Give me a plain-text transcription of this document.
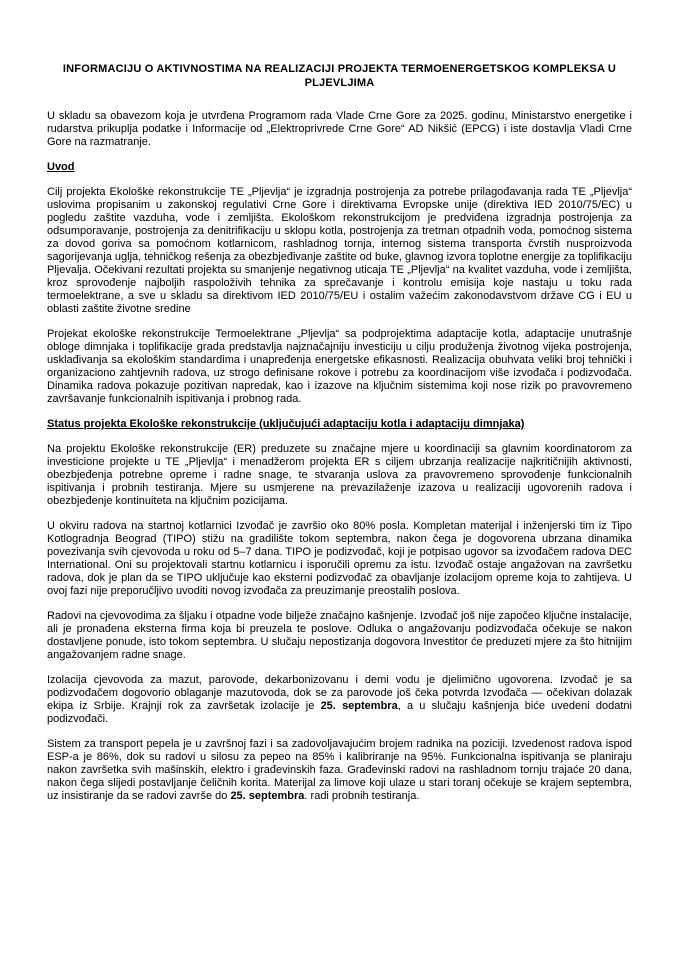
INFORMACIJU O AKTIVNOSTIMA NA REALIZACIJI PROJEKTA TERMOENERGETSKOG KOMPLEKSA U PLJEVLJIMA

U skladu sa obavezom koja je utvrđena Programom rada Vlade Crne Gore za 2025. godinu, Ministarstvo energetike i rudarstva prikuplja podatke i Informacije od „Elektroprivrede Crne Gore“ AD Nikšić (EPCG) i iste dostavlja Vladi Crne Gore na razmatranje.

Uvod

Cilj projekta Ekološke rekonstrukcije TE „Pljevlja“ je izgradnja postrojenja za potrebe prilagođavanja rada TE „Pljevlja“ uslovima propisanim u zakonskoj regulativi Crne Gore i direktivama Evropske unije (direktiva IED 2010/75/EC) u pogledu zaštite vazduha, vode i zemljišta. Ekološkom rekonstrukcijom je predviđena izgradnja postrojenja za odsumporavanje, postrojenja za denitrifikaciju u sklopu kotla, postrojenja za tretman otpadnih voda, pomoćnog sistema za dovod goriva sa pomoćnom kotlarnicom, rashladnog tornja, internog sistema transporta čvrstih nusproizvoda sagorijevanja uglja, tehničkog rešenja za obezbjeđivanje zaštite od buke, glavnog izvora toplotne energije za toplifikaciju Pljevalja. Očekivani rezultati projekta su smanjenje negativnog uticaja TE „Pljevlja“ na kvalitet vazduha, vode i zemljišta, kroz sprovođenje najboljih raspoloživih tehnika za sprečavanje i kontrolu emisija koje nastaju u toku rada termoelektrane, a sve u skladu sa direktivom IED 2010/75/EU i ostalim važećim zakonodavstvom države CG i EU u oblasti zaštite životne sredine

Projekat ekološke rekonstrukcije Termoelektrane „Pljevlja“ sa podprojektima adaptacije kotla, adaptacije unutrašnje obloge dimnjaka i toplifikacije grada predstavlja najznačajniju investiciju u cilju produženja životnog vijeka postrojenja, usklađivanja sa ekološkim standardima i unapređenja energetske efikasnosti. Realizacija obuhvata veliki broj tehnički i organizaciono zahtjevnih radova, uz strogo definisane rokove i potrebu za koordinacijom više izvođača i podizvođača. Dinamika radova pokazuje pozitivan napredak, kao i izazove na ključnim sistemima koji nose rizik po pravovremeno završavanje funkcionalnih ispitivanja i probnog rada.

Status projekta Ekološke rekonstrukcije (uključujući adaptaciju kotla i adaptaciju dimnjaka)

Na projektu Ekološke rekonstrukcije (ER) preduzete su značajne mjere u koordinaciji sa glavnim koordinatorom za investicione projekte u TE „Pljevlja“ i menadžerom projekta ER s ciljem ubrzanja realizacije najkritičnijih aktivnosti, obezbjeđenja potrebne opreme i radne snage, te stvaranja uslova za pravovremeno sprovođenje funkcionalnih ispitivanja i probnih testiranja. Mjere su usmjerene na prevazilaženje izazova u realizaciji ugovorenih radova i obezbjeđenje kontinuiteta na ključnim pozicijama.

U okviru radova na startnoj kotlarnici Izvođač je završio oko 80% posla. Kompletan materijal i inženjerski tim iz Tipo Kotlogradnja Beograd (TIPO) stižu na gradilište tokom septembra, nakon čega je dogovorena ubrzana dinamika povezivanja svih cjevovoda u roku od 5–7 dana. TIPO je podizvođač, koji je potpisao ugovor sa izvođačem radova DEC International. Oni su projektovali startnu kotlarnicu i isporučili opremu za istu. Izvođač ostaje angažovan na završetku radova, dok je plan da se TIPO uključuje kao eksterni podizvođač za obavljanje izolacijom opreme koja to zahtijeva. U ovoj fazi nije preporučljivo uvoditi novog izvođača za preuzimanje preostalih poslova.

Radovi na cjevovodima za šljaku i otpadne vode bilježe značajno kašnjenje. Izvođač još nije započeo ključne instalacije, ali je pronađena eksterna firma koja bi preuzela te poslove. Odluka o angažovanju podizvođača očekuje se nakon dostavljene ponude, isto tokom septembra. U slučaju nepostizanja dogovora Investitor će preduzeti mjere za što hitnijim angažovanjem radne snage.

Izolacija cjevovoda za mazut, parovode, dekarbonizovanu i demi vodu je djelimično ugovorena. Izvođač je sa podizvođačem dogovorio oblaganje mazutovoda, dok se za parovode još čeka potvrda Izvođača — očekivan dolazak ekipa iz Srbije. Krajnji rok za završetak izolacije je 25. septembra, a u slučaju kašnjenja biće uvedeni dodatni podizvođači.

Sistem za transport pepela je u završnoj fazi i sa zadovoljavajućim brojem radnika na poziciji. Izvedenost radova ispod ESP-a je 86%, dok su radovi u silosu za pepeo na 85% i kalibriranje na 95%. Funkcionalna ispitivanja se planiraju nakon završetka svih mašinskih, elektro i građevinskih faza. Građevinski radovi na rashladnom tornju trajaće 20 dana, nakon čega slijedi postavljanje čeličnih korita. Materijal za limove koji ulaze u stari toranj očekuje se krajem septembra, uz insistiranje da se radovi završe do 25. septembra. radi probnih testiranja.
